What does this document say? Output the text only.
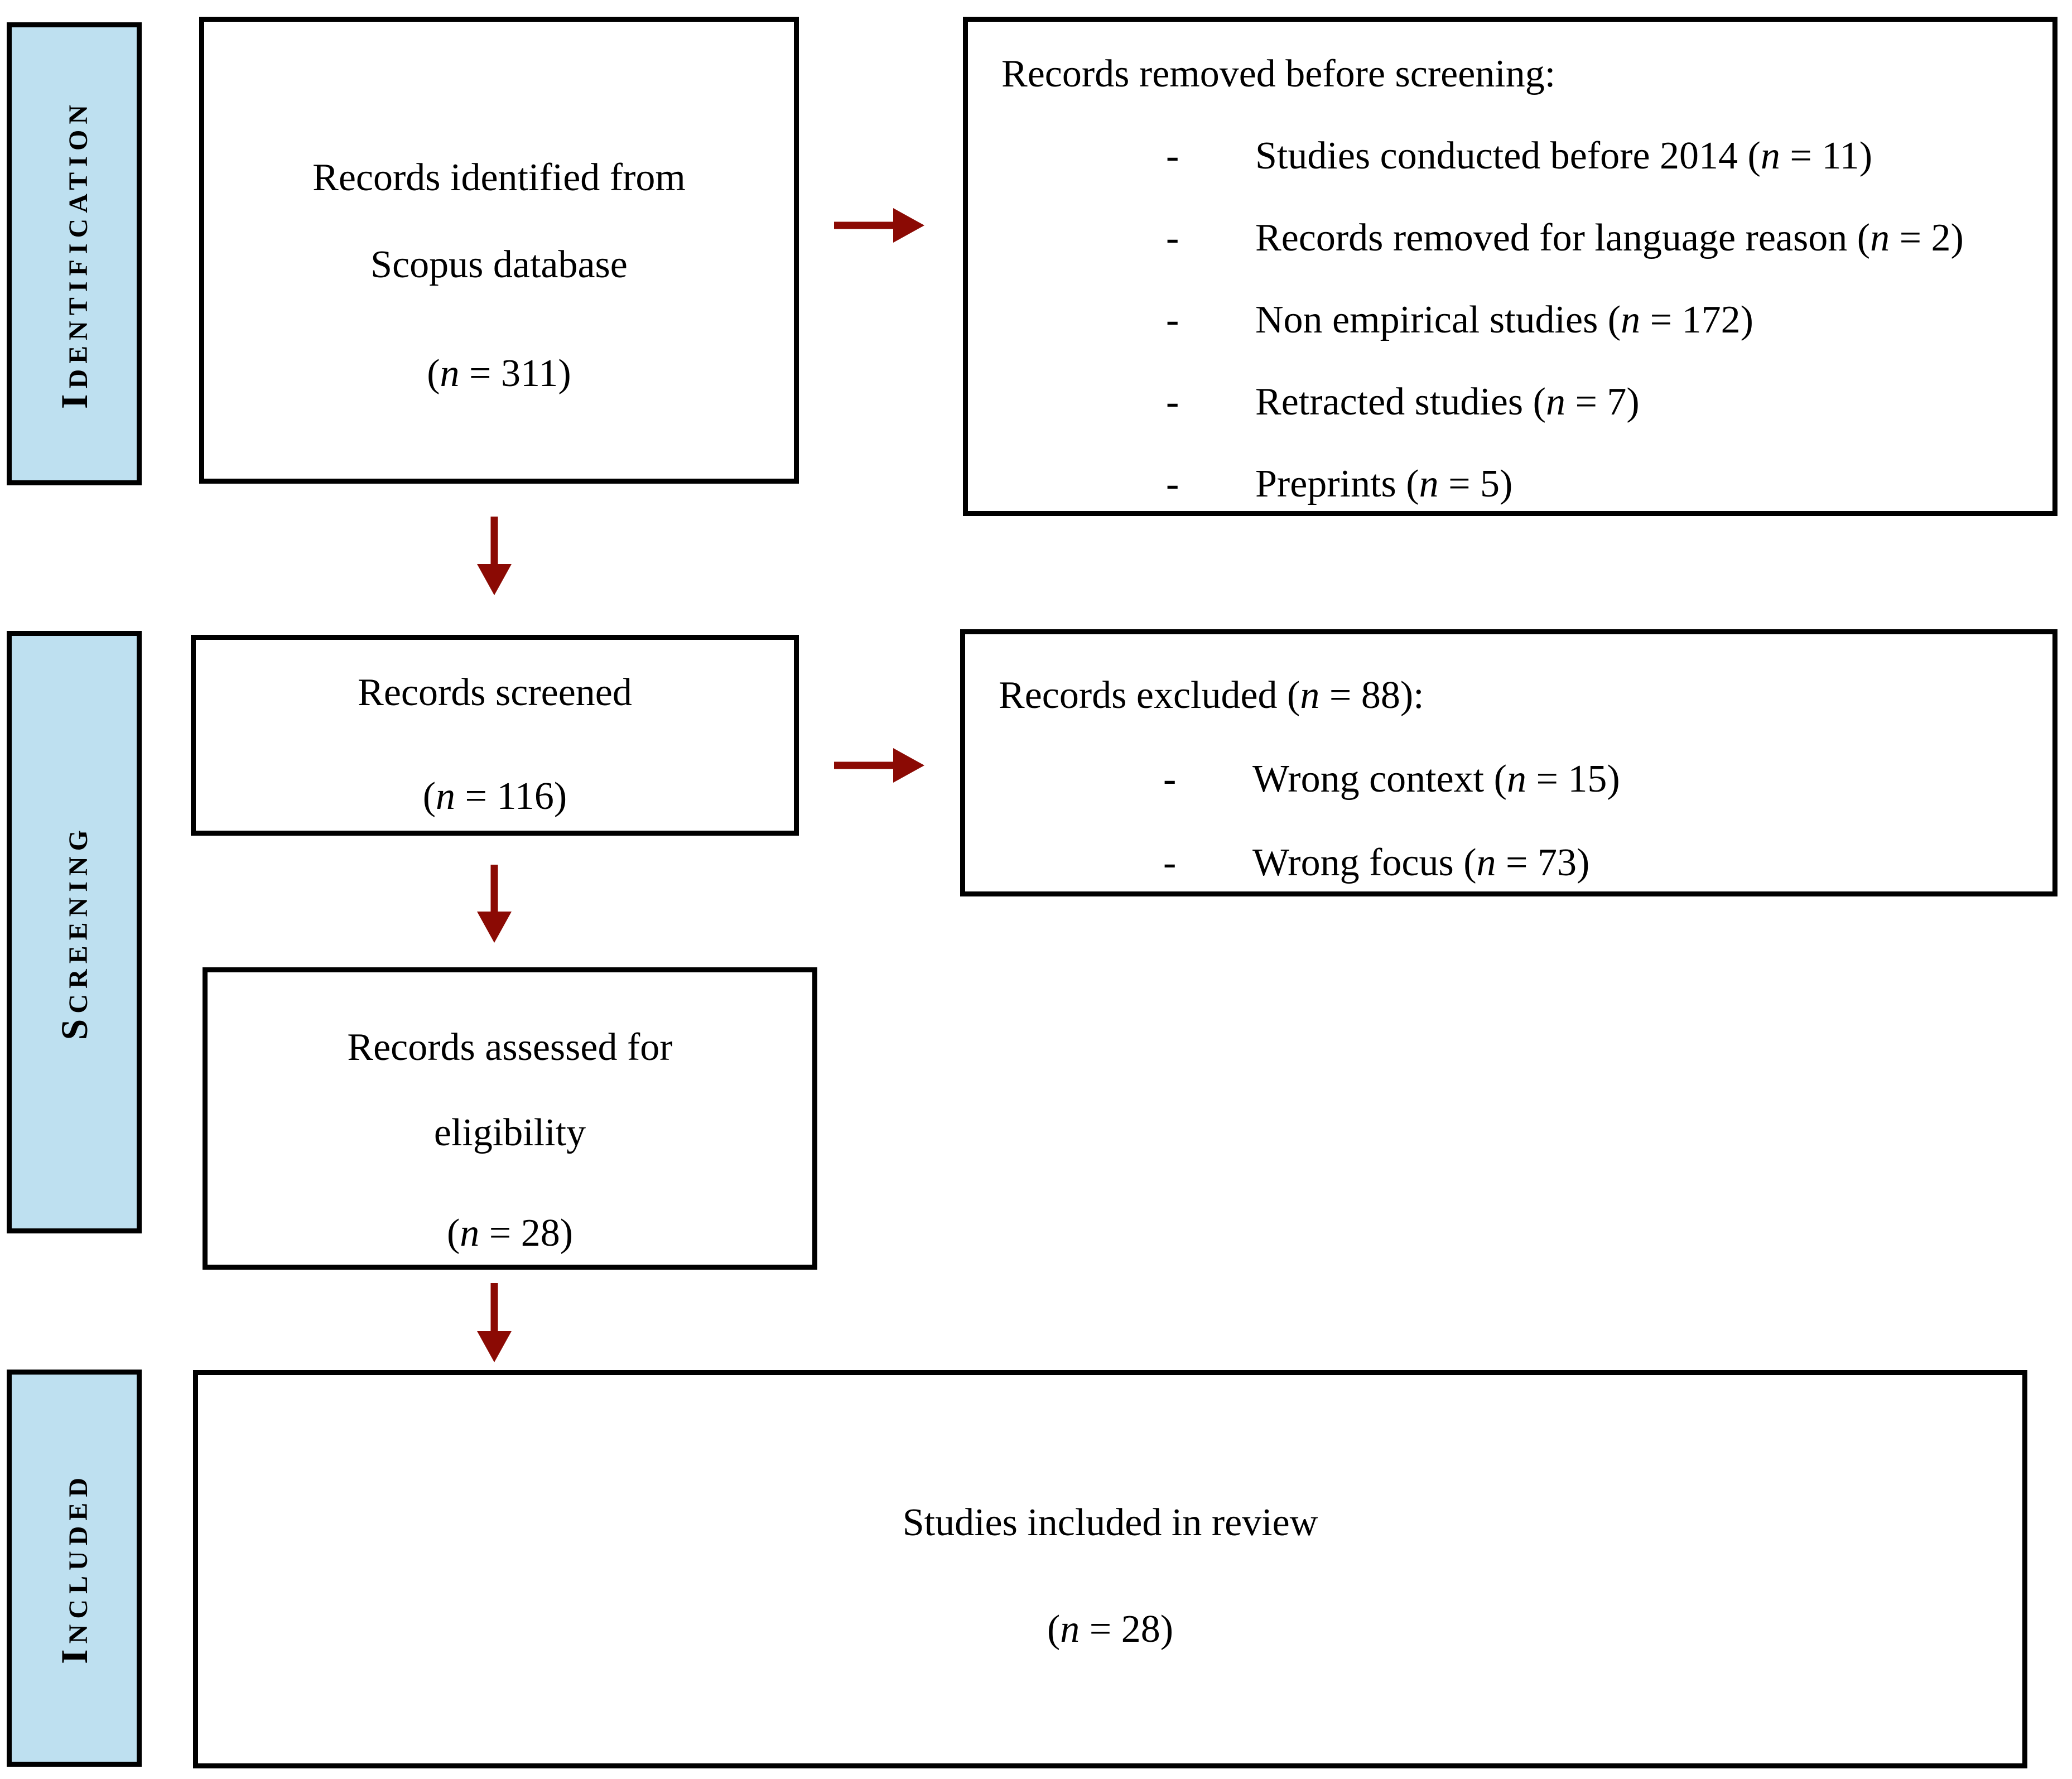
Identification
Screening
Included
Records identified from
Scopus database
(n = 311)
Records removed before screening:
-	Studies conducted before 2014 (n = 11)
-	Records removed for language reason (n = 2)
-	Non empirical studies (n = 172)
-	Retracted studies (n = 7)
-	Preprints (n = 5)
Records screened
(n = 116)
Records excluded (n = 88):
-	Wrong context (n = 15)
-	Wrong focus (n = 73)
Records assessed for
eligibility
(n = 28)
Studies included in review
(n = 28)
